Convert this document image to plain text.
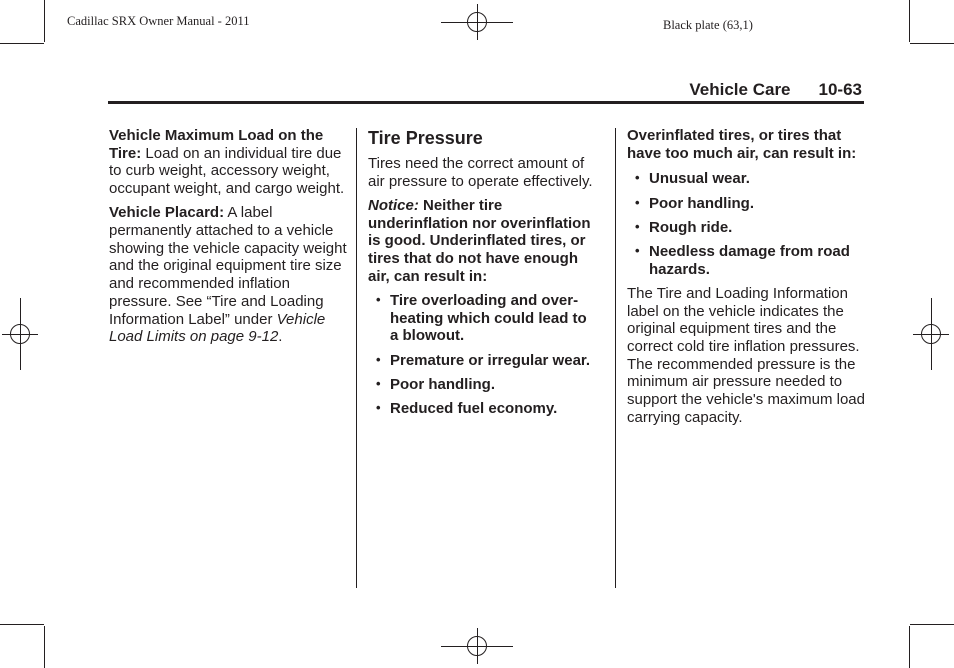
Cadillac SRX Owner Manual - 2011	Black plate (63,1)
Vehicle Care 10-63

Vehicle Maximum Load on the Tire: Load on an individual tire due to curb weight, accessory weight, occupant weight, and cargo weight.

Vehicle Placard: A label permanently attached to a vehicle showing the vehicle capacity weight and the original equipment tire size and recommended inflation pressure. See “Tire and Loading Information Label” under Vehicle Load Limits on page 9-12.

Tire Pressure

Tires need the correct amount of air pressure to operate effectively.

Notice: Neither tire underinflation nor overinflation is good. Underinflated tires, or tires that do not have enough air, can result in:

• Tire overloading and over-heating which could lead to a blowout.
• Premature or irregular wear.
• Poor handling.
• Reduced fuel economy.

Overinflated tires, or tires that have too much air, can result in:

• Unusual wear.
• Poor handling.
• Rough ride.
• Needless damage from road hazards.

The Tire and Loading Information label on the vehicle indicates the original equipment tires and the correct cold tire inflation pressures. The recommended pressure is the minimum air pressure needed to support the vehicle's maximum load carrying capacity.
